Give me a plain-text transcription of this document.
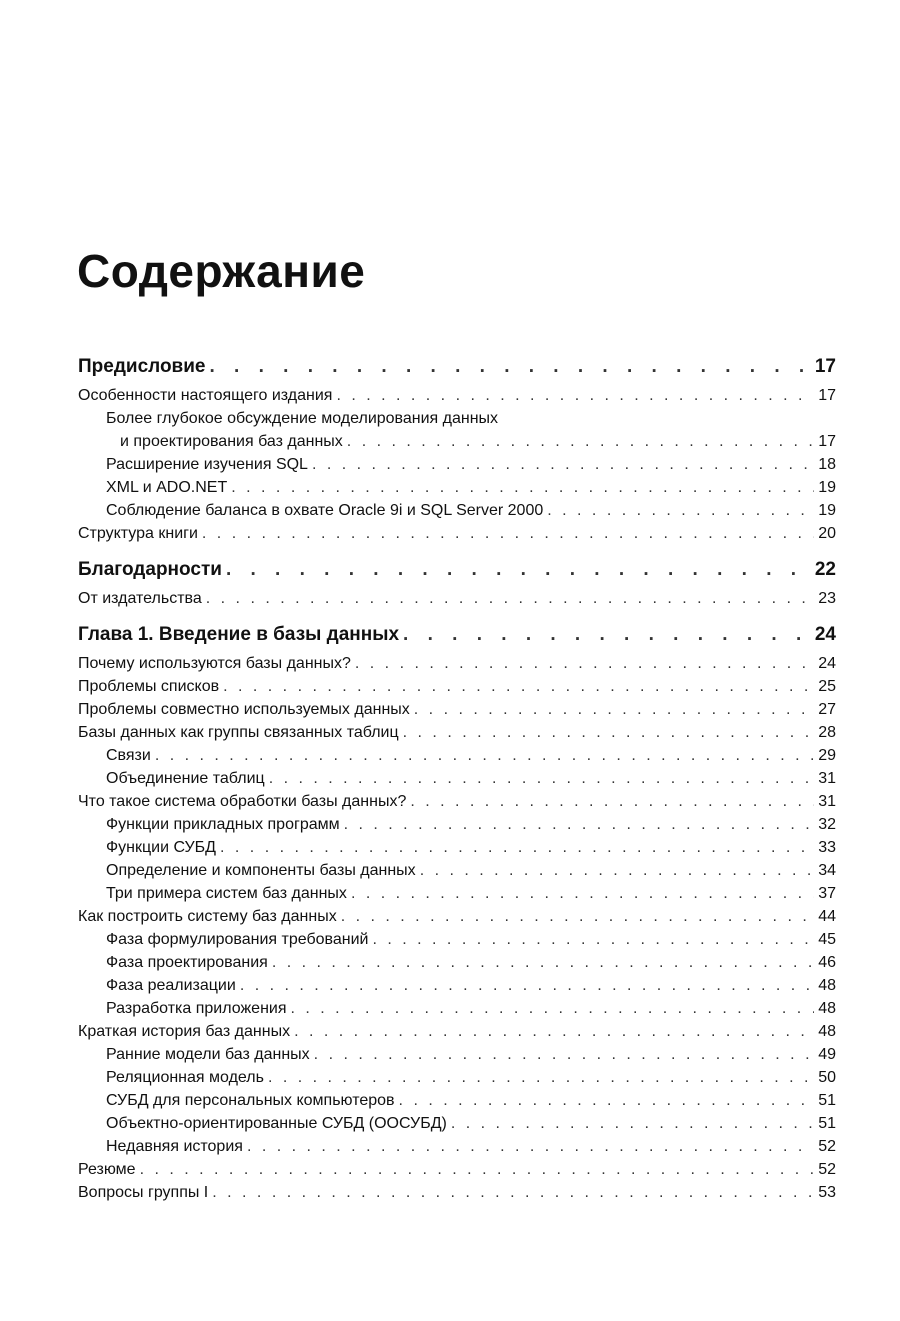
Содержание
Предисловие . . .	17
Особенности настоящего издания . . .	17
Более глубокое обсуждение моделирования данных
и проектирования баз данных . . .	17
Расширение изучения SQL . . .	18
XML и ADO.NET . . .	19
Соблюдение баланса в охвате Oracle 9i и SQL Server 2000 . . .	19
Структура книги . . .	20
Благодарности . . .	22
От издательства . . .	23
Глава 1. Введение в базы данных . . .	24
Почему используются базы данных? . . .	24
Проблемы списков . . .	25
Проблемы совместно используемых данных . . .	27
Базы данных как группы связанных таблиц . . .	28
Связи . . .	29
Объединение таблиц . . .	31
Что такое система обработки базы данных? . . .	31
Функции прикладных программ . . .	32
Функции СУБД . . .	33
Определение и компоненты базы данных . . .	34
Три примера систем баз данных . . .	37
Как построить систему баз данных . . .	44
Фаза формулирования требований . . .	45
Фаза проектирования . . .	46
Фаза реализации . . .	48
Разработка приложения . . .	48
Краткая история баз данных . . .	48
Ранние модели баз данных . . .	49
Реляционная модель . . .	50
СУБД для персональных компьютеров . . .	51
Объектно-ориентированные СУБД (ООСУБД) . . .	51
Недавняя история . . .	52
Резюме . . .	52
Вопросы группы I . . .	53
